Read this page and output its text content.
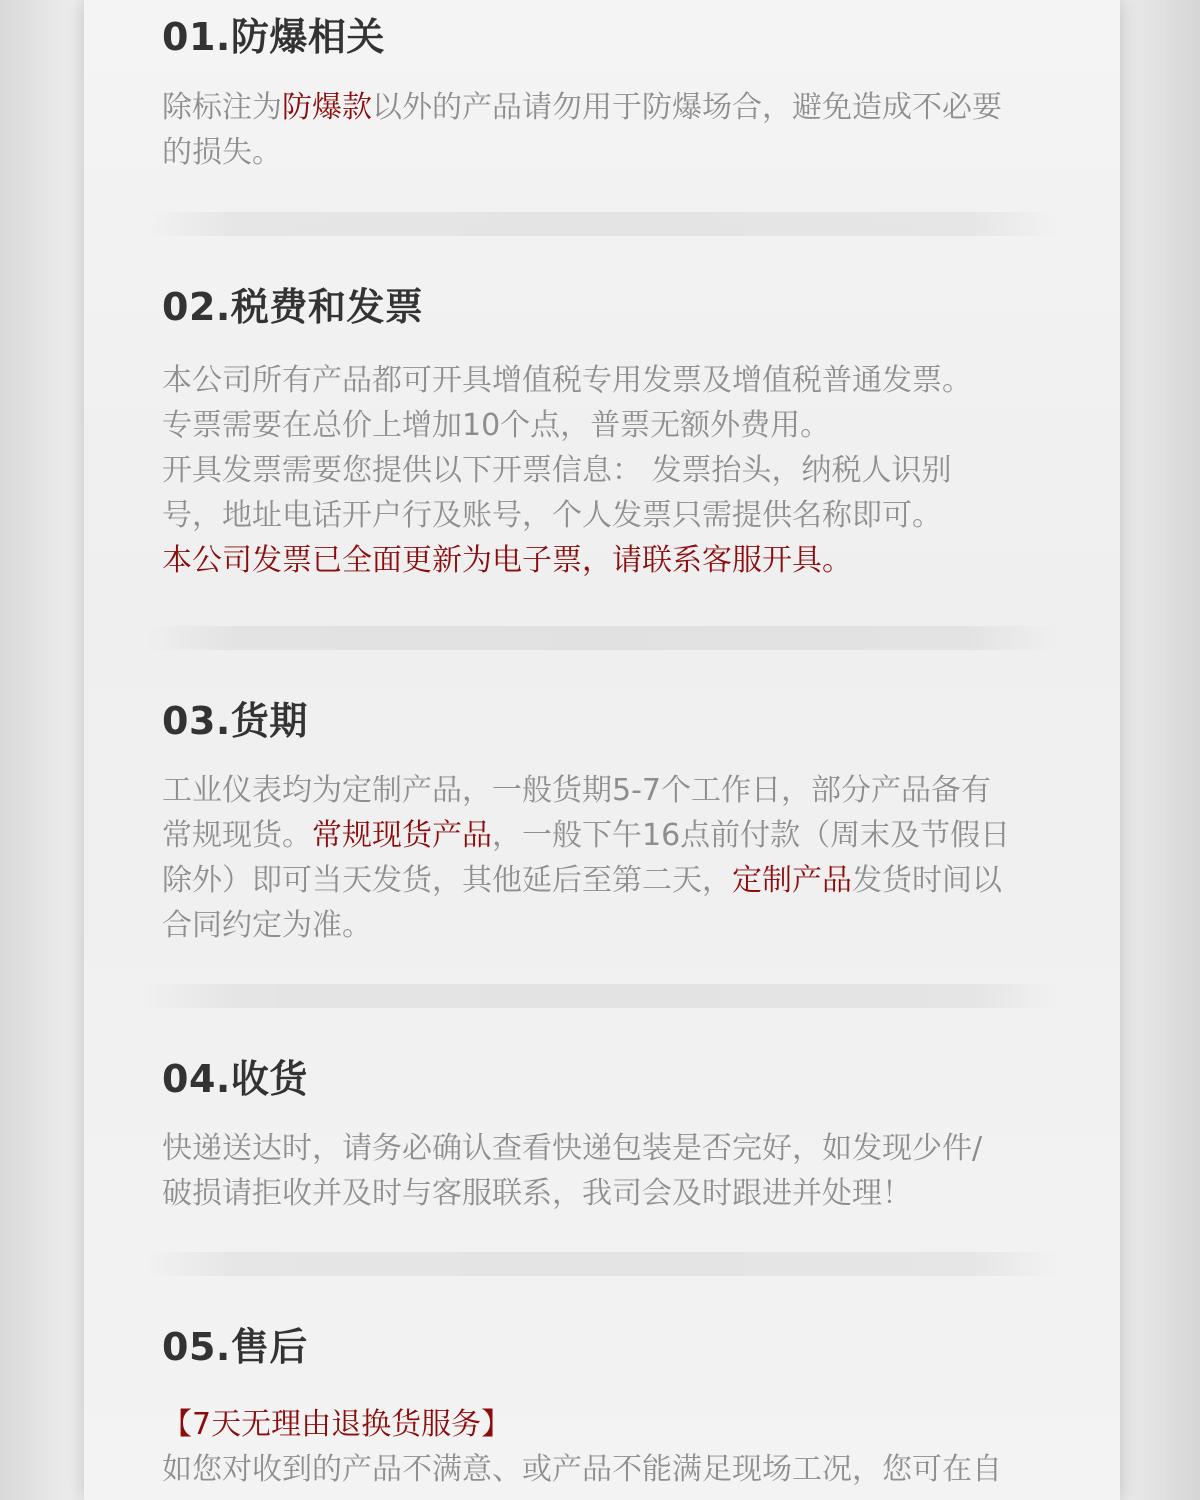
01.防爆相关
除标注为防爆款以外的产品请勿用于防爆场合，避免造成不必要
的损失。
02.税费和发票
本公司所有产品都可开具增值税专用发票及增值税普通发票。
专票需要在总价上增加10个点，普票无额外费用。
开具发票需要您提供以下开票信息： 发票抬头，纳税人识别
号，地址电话开户行及账号，个人发票只需提供名称即可。
本公司发票已全面更新为电子票，请联系客服开具。
03.货期
工业仪表均为定制产品，一般货期5-7个工作日，部分产品备有
常规现货。常规现货产品，一般下午16点前付款（周末及节假日
除外）即可当天发货，其他延后至第二天，定制产品发货时间以
合同约定为准。
04.收货
快递送达时，请务必确认查看快递包装是否完好，如发现少件/
破损请拒收并及时与客服联系，我司会及时跟进并处理！
05.售后
【7天无理由退换货服务】
如您对收到的产品不满意、或产品不能满足现场工况，您可在自
